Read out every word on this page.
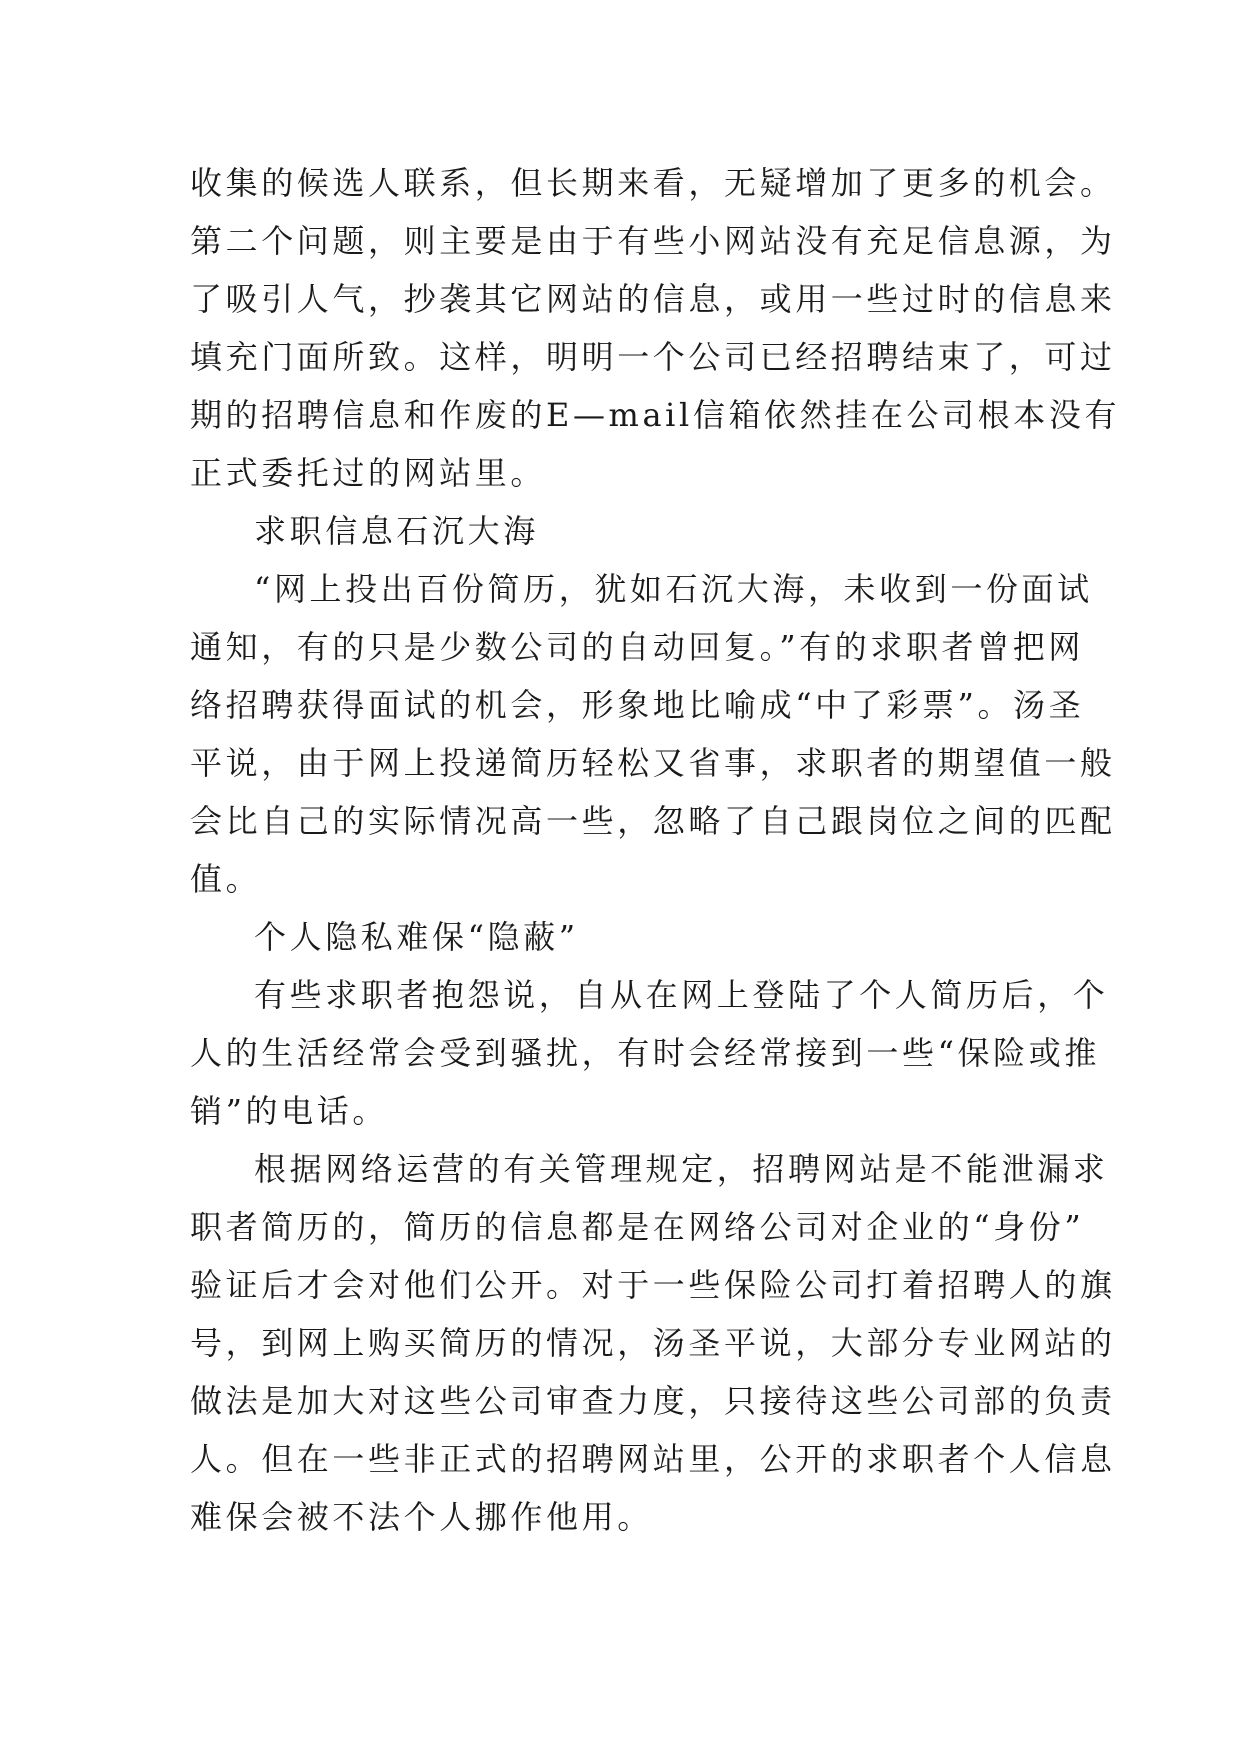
收集的候选人联系，但长期来看，无疑增加了更多的机会。
第二个问题，则主要是由于有些小网站没有充足信息源，为
了吸引人气，抄袭其它网站的信息，或用一些过时的信息来
填充门面所致。这样，明明一个公司已经招聘结束了，可过
期的招聘信息和作废的E—mail信箱依然挂在公司根本没有
正式委托过的网站里。
求职信息石沉大海
“网上投出百份简历，犹如石沉大海，未收到一份面试
通知，有的只是少数公司的自动回复。”有的求职者曾把网
络招聘获得面试的机会，形象地比喻成“中了彩票”。汤圣
平说，由于网上投递简历轻松又省事，求职者的期望值一般
会比自己的实际情况高一些，忽略了自己跟岗位之间的匹配
值。
个人隐私难保“隐蔽”
有些求职者抱怨说，自从在网上登陆了个人简历后，个
人的生活经常会受到骚扰，有时会经常接到一些“保险或推
销”的电话。
根据网络运营的有关管理规定，招聘网站是不能泄漏求
职者简历的，简历的信息都是在网络公司对企业的“身份”
验证后才会对他们公开。对于一些保险公司打着招聘人的旗
号，到网上购买简历的情况，汤圣平说，大部分专业网站的
做法是加大对这些公司审查力度，只接待这些公司部的负责
人。但在一些非正式的招聘网站里，公开的求职者个人信息
难保会被不法个人挪作他用。
